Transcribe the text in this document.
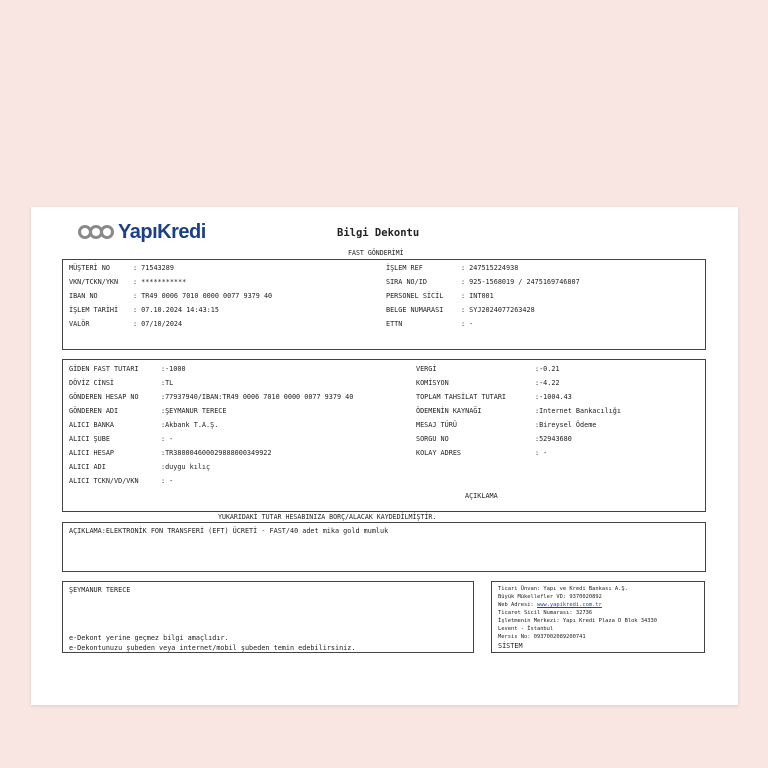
YapıKredi	Bilgi Dekontu
FAST GÖNDERİMİ
MÜŞTERİ NO	: 71543289
VKN/TCKN/YKN : ***********
IBAN NO	: TR49 0006 7010 0000 0077 9379 40
İŞLEM TARİHİ : 07.10.2024 14:43:15
VALÖR	: 07/10/2024
İŞLEM REF	: 247515224938
SIRA NO/ID	: 925-1568019 / 2475169746807
PERSONEL SİCİL	: INT001
BELGE NUMARASI	: SYJ2024077263428
ETTN	: -
GİDEN FAST TUTARI	:-1000
DÖVİZ CİNSİ	:TL
GÖNDEREN HESAP NO	:77937940/IBAN:TR49 0006 7010 0000 0077 9379 40
GÖNDEREN ADI	:ŞEYMANUR TERECE
ALICI BANKA	:Akbank T.A.Ş.
ALICI ŞUBE	: -
ALICI HESAP	:TR380004600029888000349922
ALICI ADI	:duygu kılıç
ALICI TCKN/VD/VKN	: -
VERGİ	:-0.21
KOMİSYON	:-4.22
TOPLAM TAHSİLAT TUTARI	:-1004.43
ÖDEMENİN KAYNAĞI	:Internet Bankacılığı
MESAJ TÜRÜ	:Bireysel Ödeme
SORGU NO	:52943680
KOLAY ADRES	: -
AÇIKLAMA
YUKARIDAKİ TUTAR HESABINIZA BORÇ/ALACAK KAYDEDİLMİŞTİR.
AÇIKLAMA:ELEKTRONİK FON TRANSFERİ (EFT) ÜCRETİ - FAST/40 adet mika gold mumluk
ŞEYMANUR TERECE
e-Dekont yerine geçmez bilgi amaçlıdır.
e-Dekontunuzu şubeden veya internet/mobil şubeden temin edebilirsiniz.
Ticari Ünvan: Yapı ve Kredi Bankası A.Ş.
Büyük Mükellefler VD: 9370020892
Web Adresi: www.yapikredi.com.tr
Ticaret Sicil Numarası: 32736
İşletmenin Merkezi: Yapı Kredi Plaza D Blok 34330
Levent - İstanbul
Mersis No: 0937002089200741
SİSTEM
